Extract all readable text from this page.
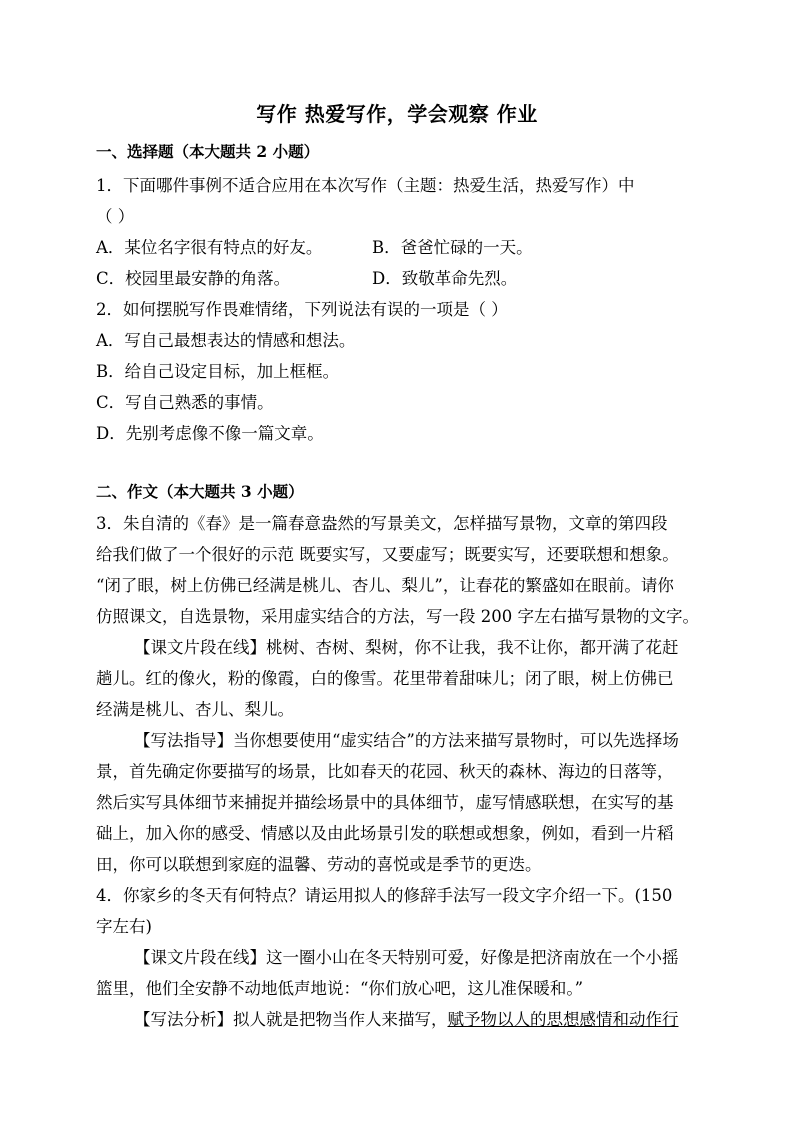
写作 热爱写作，学会观察 作业
一、选择题（本大题共 2 小题）
1．下面哪件事例不适合应用在本次写作（主题：热爱生活，热爱写作）中
（ ）
A．某位名字很有特点的好友。	B．爸爸忙碌的一天。
C．校园里最安静的角落。	D．致敬革命先烈。
2．如何摆脱写作畏难情绪，下列说法有误的一项是（ ）
A．写自己最想表达的情感和想法。
B．给自己设定目标，加上框框。
C．写自己熟悉的事情。
D．先别考虑像不像一篇文章。
二、作文（本大题共 3 小题）
3．朱自清的《春》是一篇春意盎然的写景美文，怎样描写景物，文章的第四段
给我们做了一个很好的示范 既要实写，又要虚写；既要实写，还要联想和想象。
“闭了眼，树上仿佛已经满是桃儿、杏儿、梨儿”，让春花的繁盛如在眼前。请你
仿照课文，自选景物，采用虚实结合的方法，写一段 200 字左右描写景物的文字。
【课文片段在线】桃树、杏树、梨树，你不让我，我不让你，都开满了花赶
趟儿。红的像火，粉的像霞，白的像雪。花里带着甜味儿；闭了眼，树上仿佛已
经满是桃儿、杏儿、梨儿。
【写法指导】当你想要使用“虚实结合”的方法来描写景物时，可以先选择场
景，首先确定你要描写的场景，比如春天的花园、秋天的森林、海边的日落等，
然后实写具体细节来捕捉并描绘场景中的具体细节，虚写情感联想，在实写的基
础上，加入你的感受、情感以及由此场景引发的联想或想象，例如，看到一片稻
田，你可以联想到家庭的温馨、劳动的喜悦或是季节的更迭。
4．你家乡的冬天有何特点？请运用拟人的修辞手法写一段文字介绍一下。(150
字左右)
【课文片段在线】这一圈小山在冬天特别可爱，好像是把济南放在一个小摇
篮里，他们全安静不动地低声地说：“你们放心吧，这儿准保暖和。”
【写法分析】拟人就是把物当作人来描写，赋予物以人的思想感情和动作行
